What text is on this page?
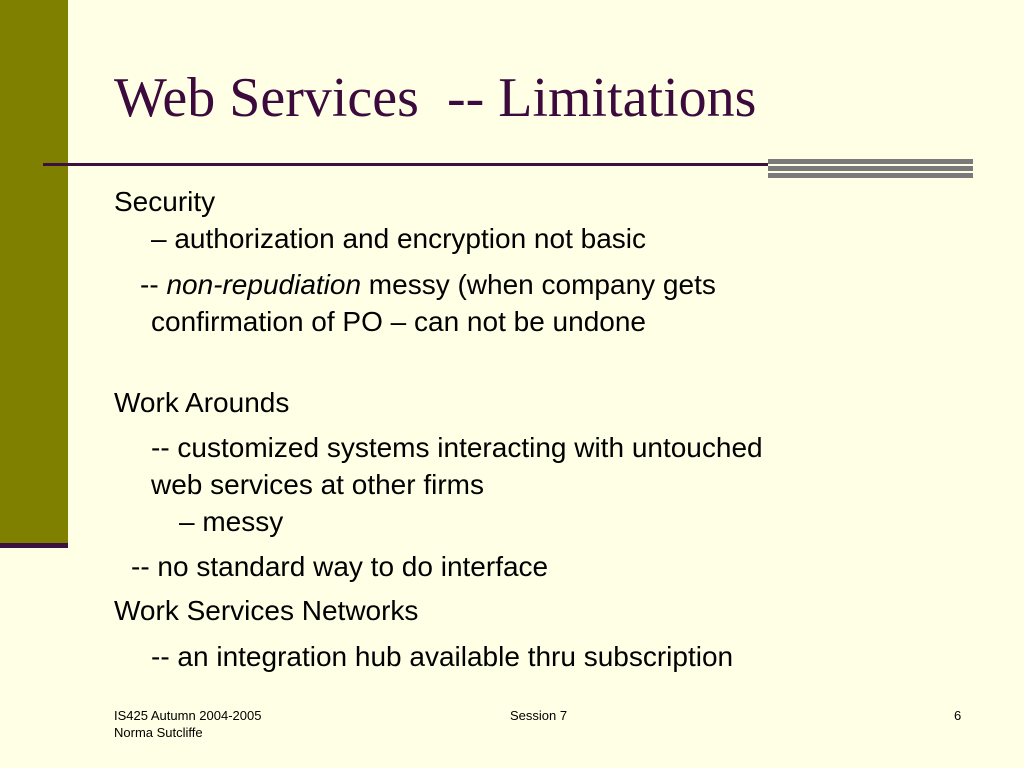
Web Services  -- Limitations
Security
– authorization and encryption not basic
-- non-repudiation messy (when company gets
confirmation of PO – can not be undone
Work Arounds
-- customized systems interacting with untouched
web services at other firms
– messy
-- no standard way to do interface
Work Services Networks
-- an integration hub available thru subscription
IS425 Autumn 2004-2005
Norma Sutcliffe
Session 7	6
